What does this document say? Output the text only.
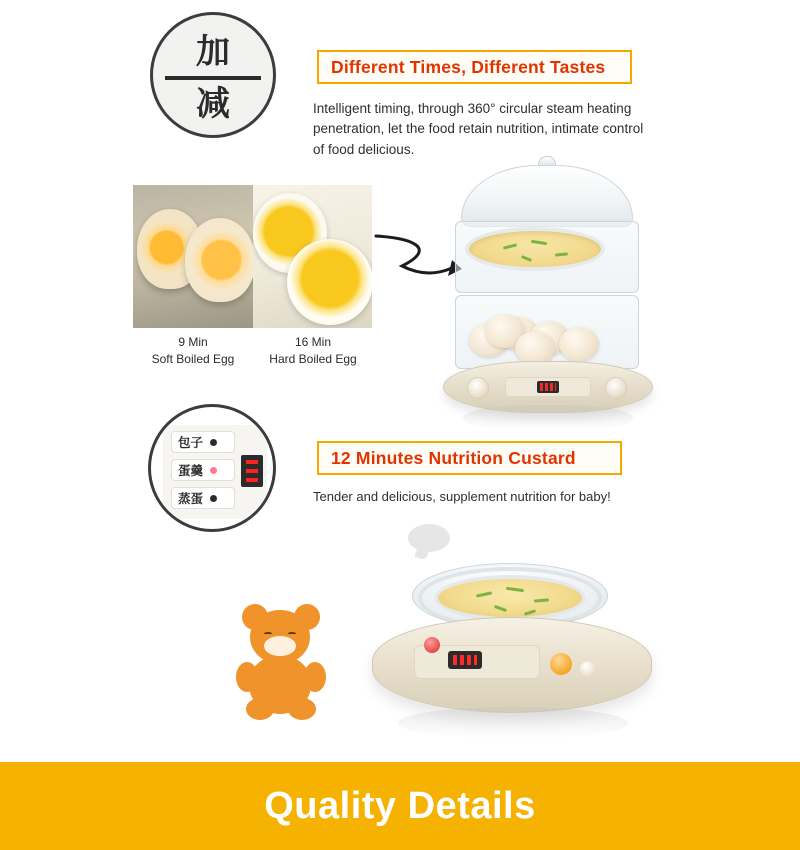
加
减
Different Times, Different Tastes
Intelligent timing, through 360° circular steam heating penetration, let the food retain nutrition, intimate control of food delicious.
9 Min
Soft Boiled Egg
16 Min
Hard Boiled Egg
包子
蛋羹
蒸蛋
12 Minutes Nutrition Custard
Tender and delicious, supplement nutrition for baby!
Quality Details
